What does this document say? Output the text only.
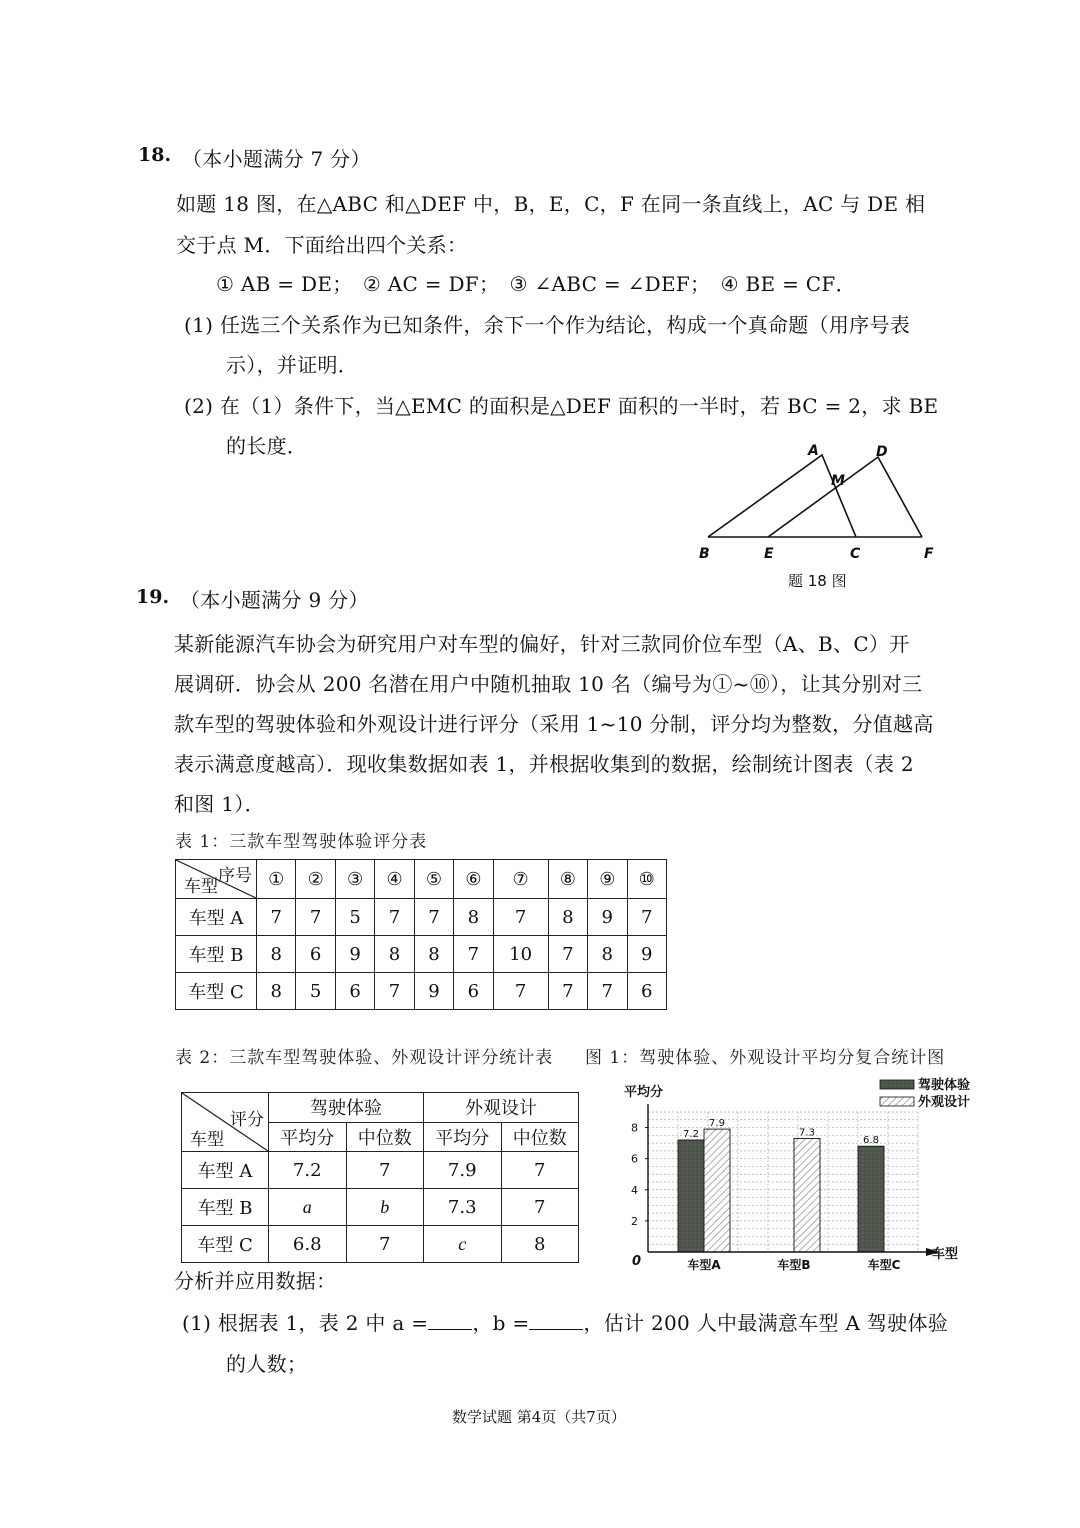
18. （本小题满分 7 分）
如题 18 图，在△ABC 和△DEF 中，B，E，C，F 在同一条直线上，AC 与 DE 相
交于点 M．下面给出四个关系：
① AB = DE；　② AC = DF；　③ ∠ABC = ∠DEF；　④ BE = CF．
(1) 任选三个关系作为已知条件，余下一个作为结论，构成一个真命题（用序号表
示），并证明．
(2) 在（1）条件下，当△EMC 的面积是△DEF 面积的一半时，若 BC = 2，求 BE
的长度．	A	D
M
B	E	C	F
题 18 图
19. （本小题满分 9 分）
某新能源汽车协会为研究用户对车型的偏好，针对三款同价位车型（A、B、C）开
展调研．协会从 200 名潜在用户中随机抽取 10 名（编号为①~⑩），让其分别对三
款车型的驾驶体验和外观设计进行评分（采用 1~10 分制，评分均为整数，分值越高
表示满意度越高）．现收集数据如表 1，并根据收集到的数据，绘制统计图表（表 2
和图 1）．
表 1：三款车型驾驶体验评分表
序号
车型	①	②	③	④	⑤	⑥	⑦	⑧	⑨	⑩
车型 A	7	7	5	7	7	8	7	8	9	7
车型 B	8	6	9	8	8	7	10	7	8	9
车型 C	8	5	6	7	9	6	7	7	7	6
表 2：三款车型驾驶体验、外观设计评分统计表 图 1：驾驶体验、外观设计平均分复合统计图
评分
车型	驾驶体验		外观设计	
	平均分	中位数	平均分	中位数
车型 A	7.2	7	7.9	7
车型 B	a	b	7.3	7
车型 C	6.8	7	c	8
7.2
7.9
车型A
7.3
车型B
6.8
车型C
2
4
6
8
平均分
车型
0
驾驶体验
外观设计
分析并应用数据：
(1) 根据表 1，表 2 中 a = ，b =	，估计 200 人中最满意车型 A 驾驶体验
的人数；
数学试题 第4页（共7页）
